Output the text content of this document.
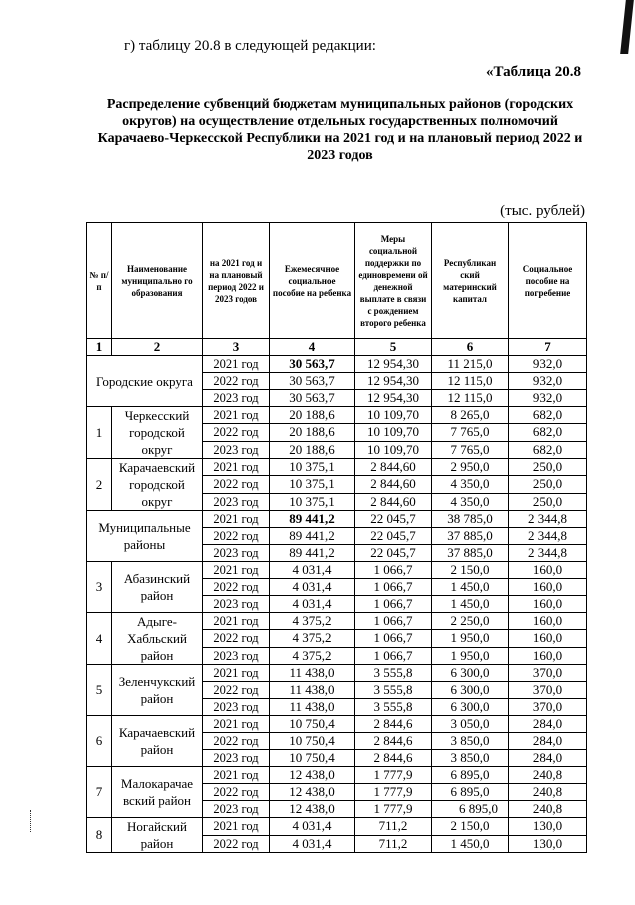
г) таблицу 20.8 в следующей редакции:
«Таблица 20.8
Распределение субвенций бюджетам муниципальных районов (городских округов) на осуществление отдельных государственных полномочий Карачаево-Черкесской Республики на 2021 год и на плановый период 2022 и 2023 годов
(тыс. рублей)
№ п/п	Наименование муниципально го образования	на 2021 год и на плановый период 2022 и 2023 годов	Ежемесячное социальное пособие на ребенка	Меры социальной поддержки по единовремени ой денежной выплате в связи с рождением второго ребенка	Республикан ский материнский капитал	Социальное пособие на погребение
1	2	3	4	5	6	7
Городские округа		2021 год	30 563,7	12 954,30	11 215,0	932,0
		2022 год	30 563,7	12 954,30	12 115,0	932,0
		2023 год	30 563,7	12 954,30	12 115,0	932,0
1	Черкесский городской округ	2021 год	20 188,6	10 109,70	8 265,0	682,0
		2022 год	20 188,6	10 109,70	7 765,0	682,0
		2023 год	20 188,6	10 109,70	7 765,0	682,0
2	Карачаевский городской округ	2021 год	10 375,1	2 844,60	2 950,0	250,0
		2022 год	10 375,1	2 844,60	4 350,0	250,0
		2023 год	10 375,1	2 844,60	4 350,0	250,0
Муниципальные районы		2021 год	89 441,2	22 045,7	38 785,0	2 344,8
		2022 год	89 441,2	22 045,7	37 885,0	2 344,8
		2023 год	89 441,2	22 045,7	37 885,0	2 344,8
3	Абазинский район	2021 год	4 031,4	1 066,7	2 150,0	160,0
		2022 год	4 031,4	1 066,7	1 450,0	160,0
		2023 год	4 031,4	1 066,7	1 450,0	160,0
4	Адыге-Хабльский район	2021 год	4 375,2	1 066,7	2 250,0	160,0
		2022 год	4 375,2	1 066,7	1 950,0	160,0
		2023 год	4 375,2	1 066,7	1 950,0	160,0
5	Зеленчукский район	2021 год	11 438,0	3 555,8	6 300,0	370,0
		2022 год	11 438,0	3 555,8	6 300,0	370,0
		2023 год	11 438,0	3 555,8	6 300,0	370,0
6	Карачаевский район	2021 год	10 750,4	2 844,6	3 050,0	284,0
		2022 год	10 750,4	2 844,6	3 850,0	284,0
		2023 год	10 750,4	2 844,6	3 850,0	284,0
7	Малокарачае вский район	2021 год	12 438,0	1 777,9	6 895,0	240,8
		2022 год	12 438,0	1 777,9	6 895,0	240,8
		2023 год	12 438,0	1 777,9	6 895,0	240,8
8	Ногайский район	2021 год	4 031,4	711,2	2 150,0	130,0
		2022 год	4 031,4	711,2	1 450,0	130,0
